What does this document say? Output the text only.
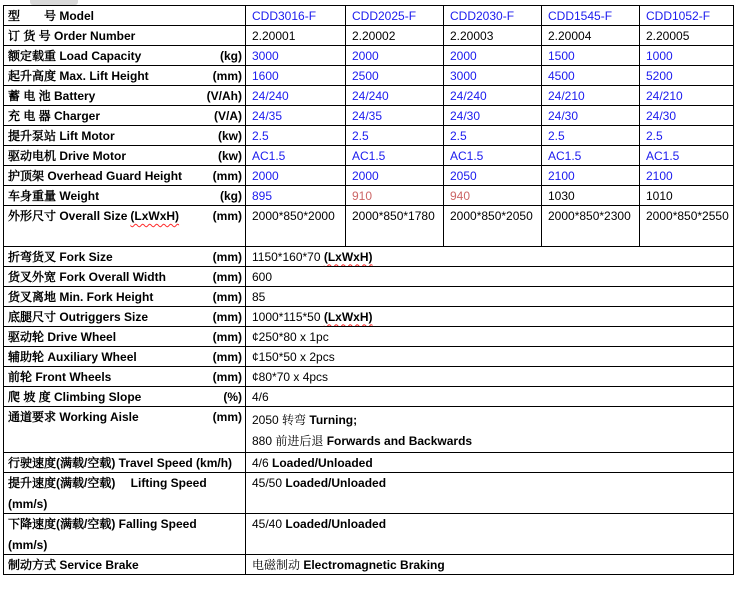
型　　号 Model	CDD3016-F	CDD2025-F	CDD2030-F	CDD1545-F	CDD1052-F

订 货 号 Order Number	2.20001	2.20002	2.20003	2.20004	2.20005

额定载重 Load Capacity (kg)	3000	2000	2000	1500	1000

起升高度 Max. Lift Height (mm)	1600	2500	3000	4500	5200

蓄 电 池 Battery (V/Ah)	24/240	24/240	24/240	24/210	24/210

充 电 器 Charger (V/A)	24/35	24/35	24/30	24/30	24/30

提升泵站 Lift Motor (kw)	2.5	2.5	2.5	2.5	2.5

驱动电机 Drive Motor (kw)	AC1.5	AC1.5	AC1.5	AC1.5	AC1.5

护顶架 Overhead Guard Height (mm)	2000	2000	2050	2100	2100

车身重量 Weight (kg)	895	910	940	1030	1010

外形尺寸 Overall Size (LxWxH) (mm)	2000*850*2000	2000*850*1780	2000*850*2050	2000*850*2300	2000*850*2550

折弯货叉 Fork Size (mm)	1150*160*70 (LxWxH)				

货叉外宽 Fork Overall Width (mm)	600				

货叉离地 Min. Fork Height (mm)	85				

底腿尺寸 Outriggers Size (mm)	1000*115*50 (LxWxH)				

驱动轮 Drive Wheel (mm)	¢250*80 x 1pc				

辅助轮 Auxiliary Wheel (mm)	¢150*50 x 2pcs				

前轮 Front Wheels (mm)	¢80*70 x 4pcs				

爬 坡 度 Climbing Slope (%)	4/6				

通道要求 Working Aisle	(mm)	2050 转弯 Turning;
880 前进后退 Forwards and Backwards

行驶速度(满载/空载) Travel Speed (km/h)	4/6 Loaded/Unloaded				

提升速度(满载/空载)　 Lifting Speed
(mm/s)	45/50 Loaded/Unloaded				

下降速度(满载/空载) Falling Speed
(mm/s)	45/40 Loaded/Unloaded				

制动方式 Service Brake	电磁制动 Electromagnetic Braking				
